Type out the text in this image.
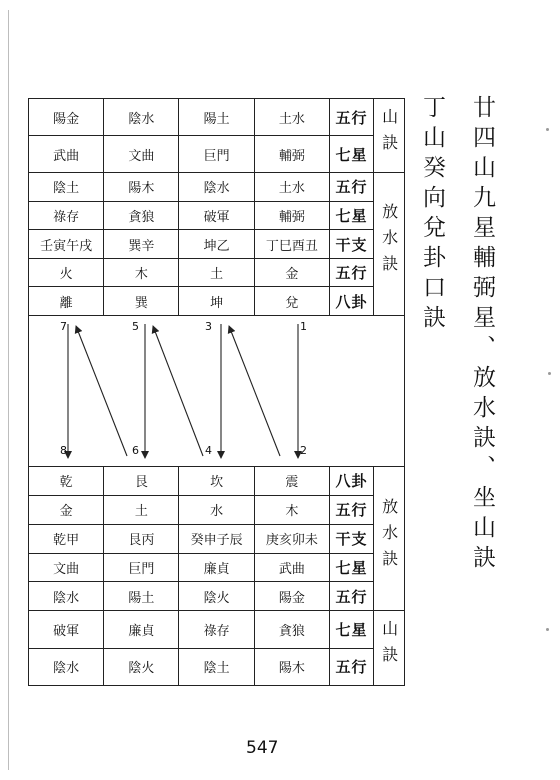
廿四山九星輔弼星、放水訣、坐山訣
丁山癸向兌卦口訣
陽金	陰水	陽土	土水	五行	山訣
武曲	文曲	巨門	輔弼	七星	
陰土	陽木	陰水	土水	五行	放水訣
祿存	貪狼	破軍	輔弼	七星	
壬寅午戌	巽辛	坤乙	丁巳酉丑	干支	
火	木	土	金	五行	
離	巽	坤	兌	八卦	
7	5	3	1
8	6	4	2
乾	艮	坎	震	八卦	放水訣
金	土	水	木	五行	
乾甲	艮丙	癸申子辰	庚亥卯未	干支	
文曲	巨門	廉貞	武曲	七星	
陰水	陽土	陰火	陽金	五行	
破軍	廉貞	祿存	貪狼	七星	山訣
陰水	陰火	陰土	陽木	五行	
547
